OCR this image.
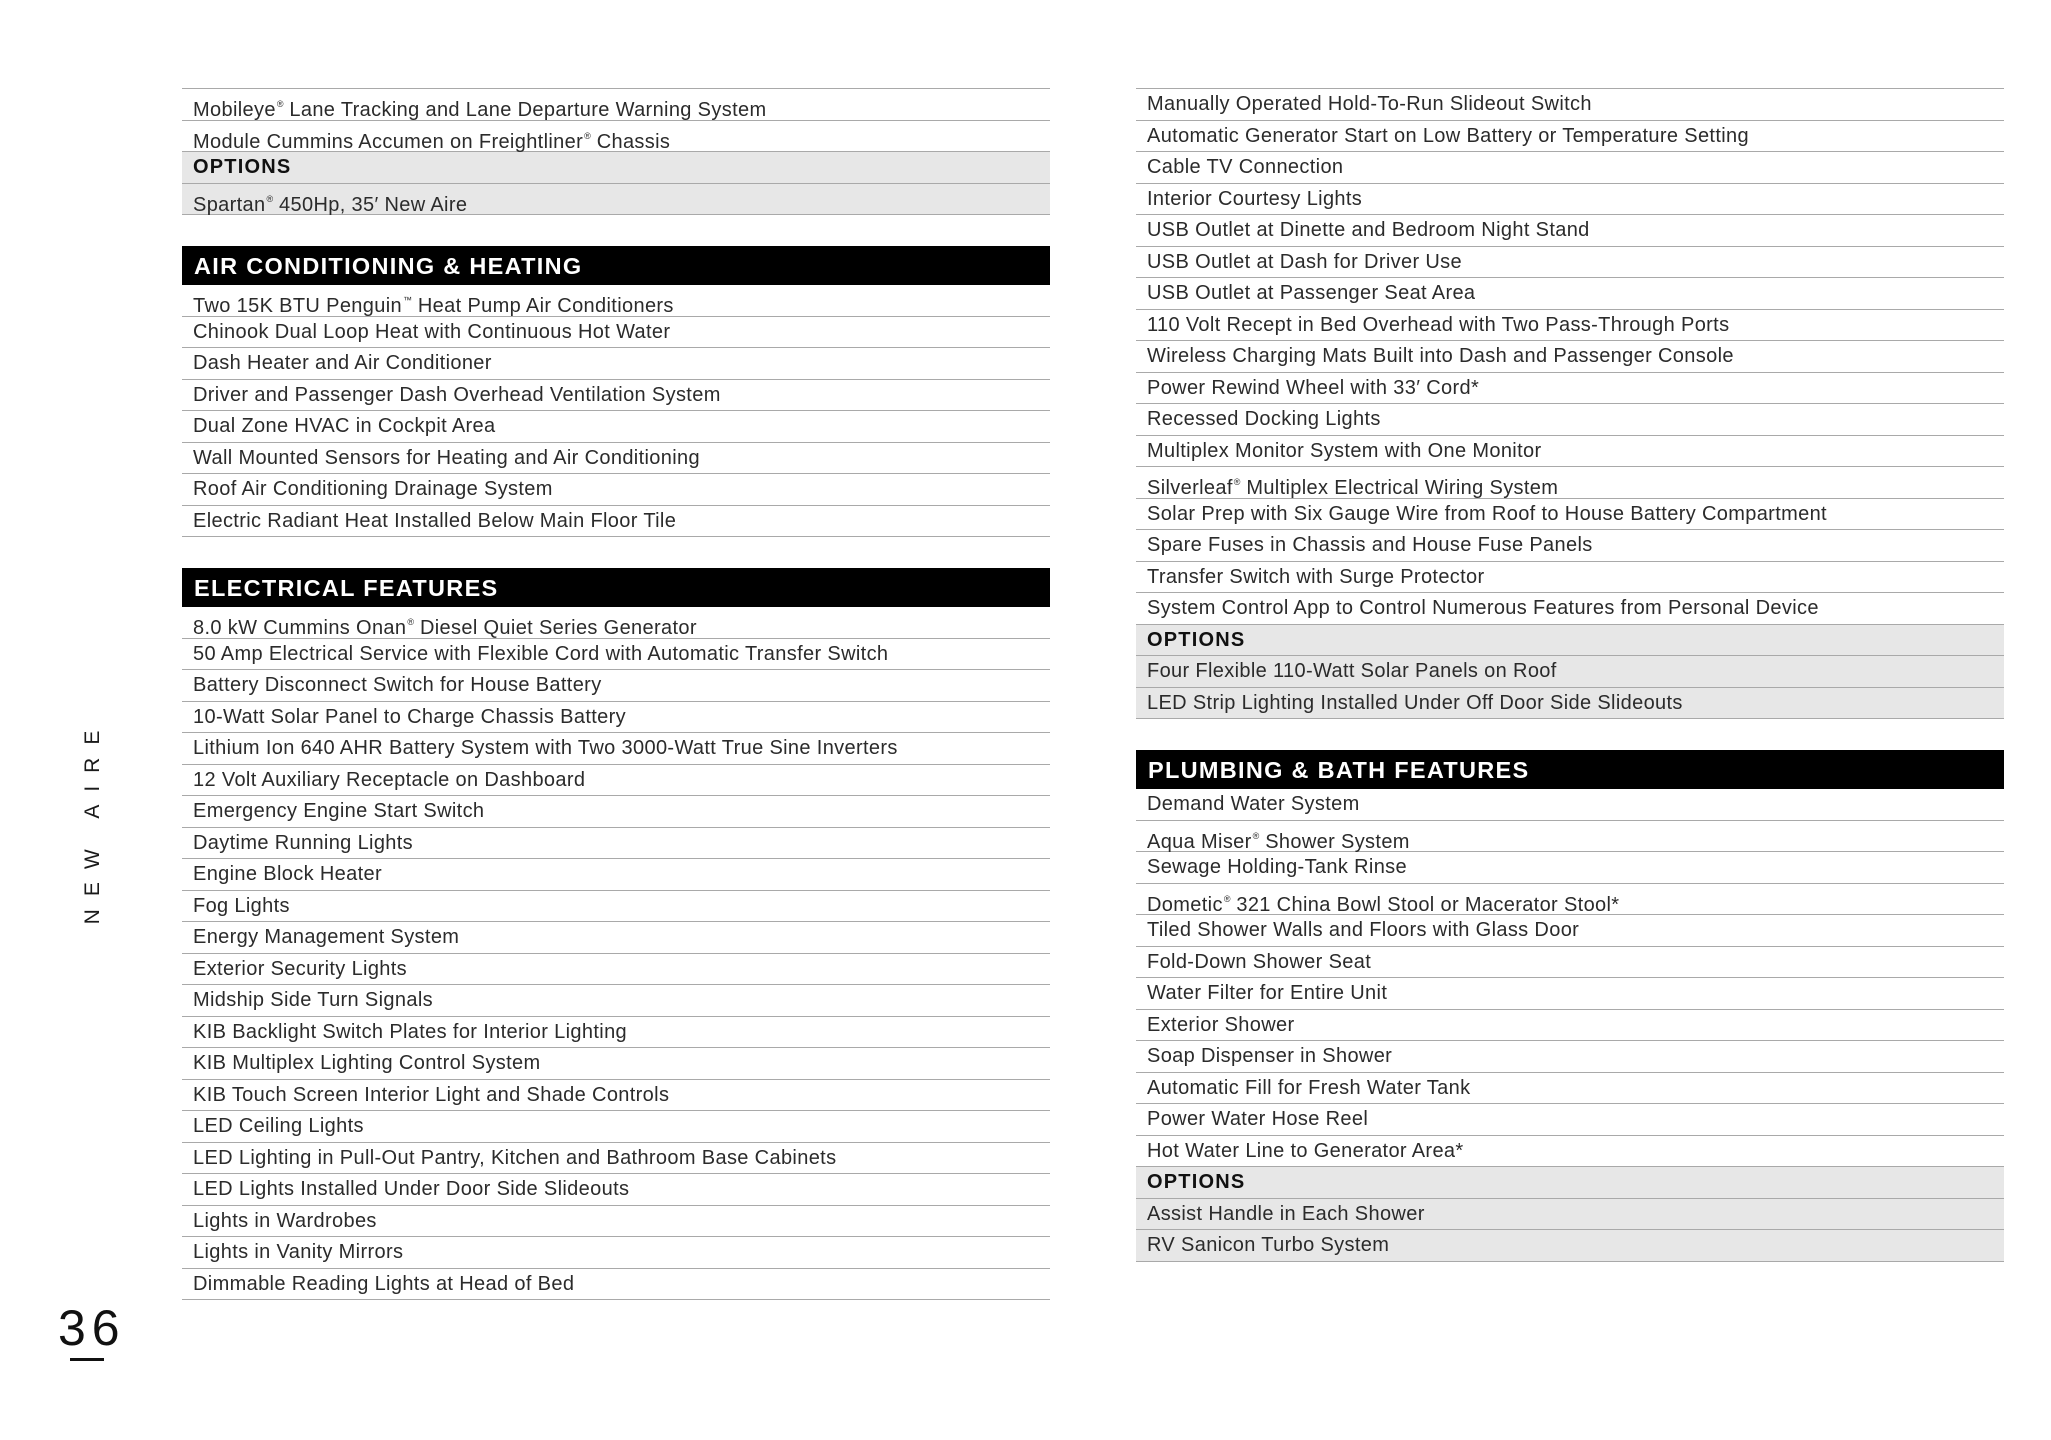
Mobileye® Lane Tracking and Lane Departure Warning System
Module Cummins Accumen on Freightliner® Chassis
OPTIONS
Spartan® 450Hp, 35′ New Aire
AIR CONDITIONING & HEATING
Two 15K BTU Penguin™ Heat Pump Air Conditioners
Chinook Dual Loop Heat with Continuous Hot Water
Dash Heater and Air Conditioner
Driver and Passenger Dash Overhead Ventilation System
Dual Zone HVAC in Cockpit Area
Wall Mounted Sensors for Heating and Air Conditioning
Roof Air Conditioning Drainage System
Electric Radiant Heat Installed Below Main Floor Tile
ELECTRICAL FEATURES
8.0 kW Cummins Onan® Diesel Quiet Series Generator
50 Amp Electrical Service with Flexible Cord with Automatic Transfer Switch
Battery Disconnect Switch for House Battery
10-Watt Solar Panel to Charge Chassis Battery
Lithium Ion 640 AHR Battery System with Two 3000-Watt True Sine Inverters
12 Volt Auxiliary Receptacle on Dashboard
Emergency Engine Start Switch
Daytime Running Lights
Engine Block Heater
Fog Lights
Energy Management System
Exterior Security Lights
Midship Side Turn Signals
KIB Backlight Switch Plates for Interior Lighting
KIB Multiplex Lighting Control System
KIB Touch Screen Interior Light and Shade Controls
LED Ceiling Lights
LED Lighting in Pull-Out Pantry, Kitchen and Bathroom Base Cabinets
LED Lights Installed Under Door Side Slideouts
Lights in Wardrobes
Lights in Vanity Mirrors
Dimmable Reading Lights at Head of Bed
Manually Operated Hold-To-Run Slideout Switch
Automatic Generator Start on Low Battery or Temperature Setting
Cable TV Connection
Interior Courtesy Lights
USB Outlet at Dinette and Bedroom Night Stand
USB Outlet at Dash for Driver Use
USB Outlet at Passenger Seat Area
110 Volt Recept in Bed Overhead with Two Pass-Through Ports
Wireless Charging Mats Built into Dash and Passenger Console
Power Rewind Wheel with 33′ Cord*
Recessed Docking Lights
Multiplex Monitor System with One Monitor
Silverleaf® Multiplex Electrical Wiring System
Solar Prep with Six Gauge Wire from Roof to House Battery Compartment
Spare Fuses in Chassis and House Fuse Panels
Transfer Switch with Surge Protector
System Control App to Control Numerous Features from Personal Device
OPTIONS
Four Flexible 110-Watt Solar Panels on Roof
LED Strip Lighting Installed Under Off Door Side Slideouts
PLUMBING & BATH FEATURES
Demand Water System
Aqua Miser® Shower System
Sewage Holding-Tank Rinse
Dometic® 321 China Bowl Stool or Macerator Stool*
Tiled Shower Walls and Floors with Glass Door
Fold-Down Shower Seat
Water Filter for Entire Unit
Exterior Shower
Soap Dispenser in Shower
Automatic Fill for Fresh Water Tank
Power Water Hose Reel
Hot Water Line to Generator Area*
OPTIONS
Assist Handle in Each Shower
RV Sanicon Turbo System
NEW AIRE
36
